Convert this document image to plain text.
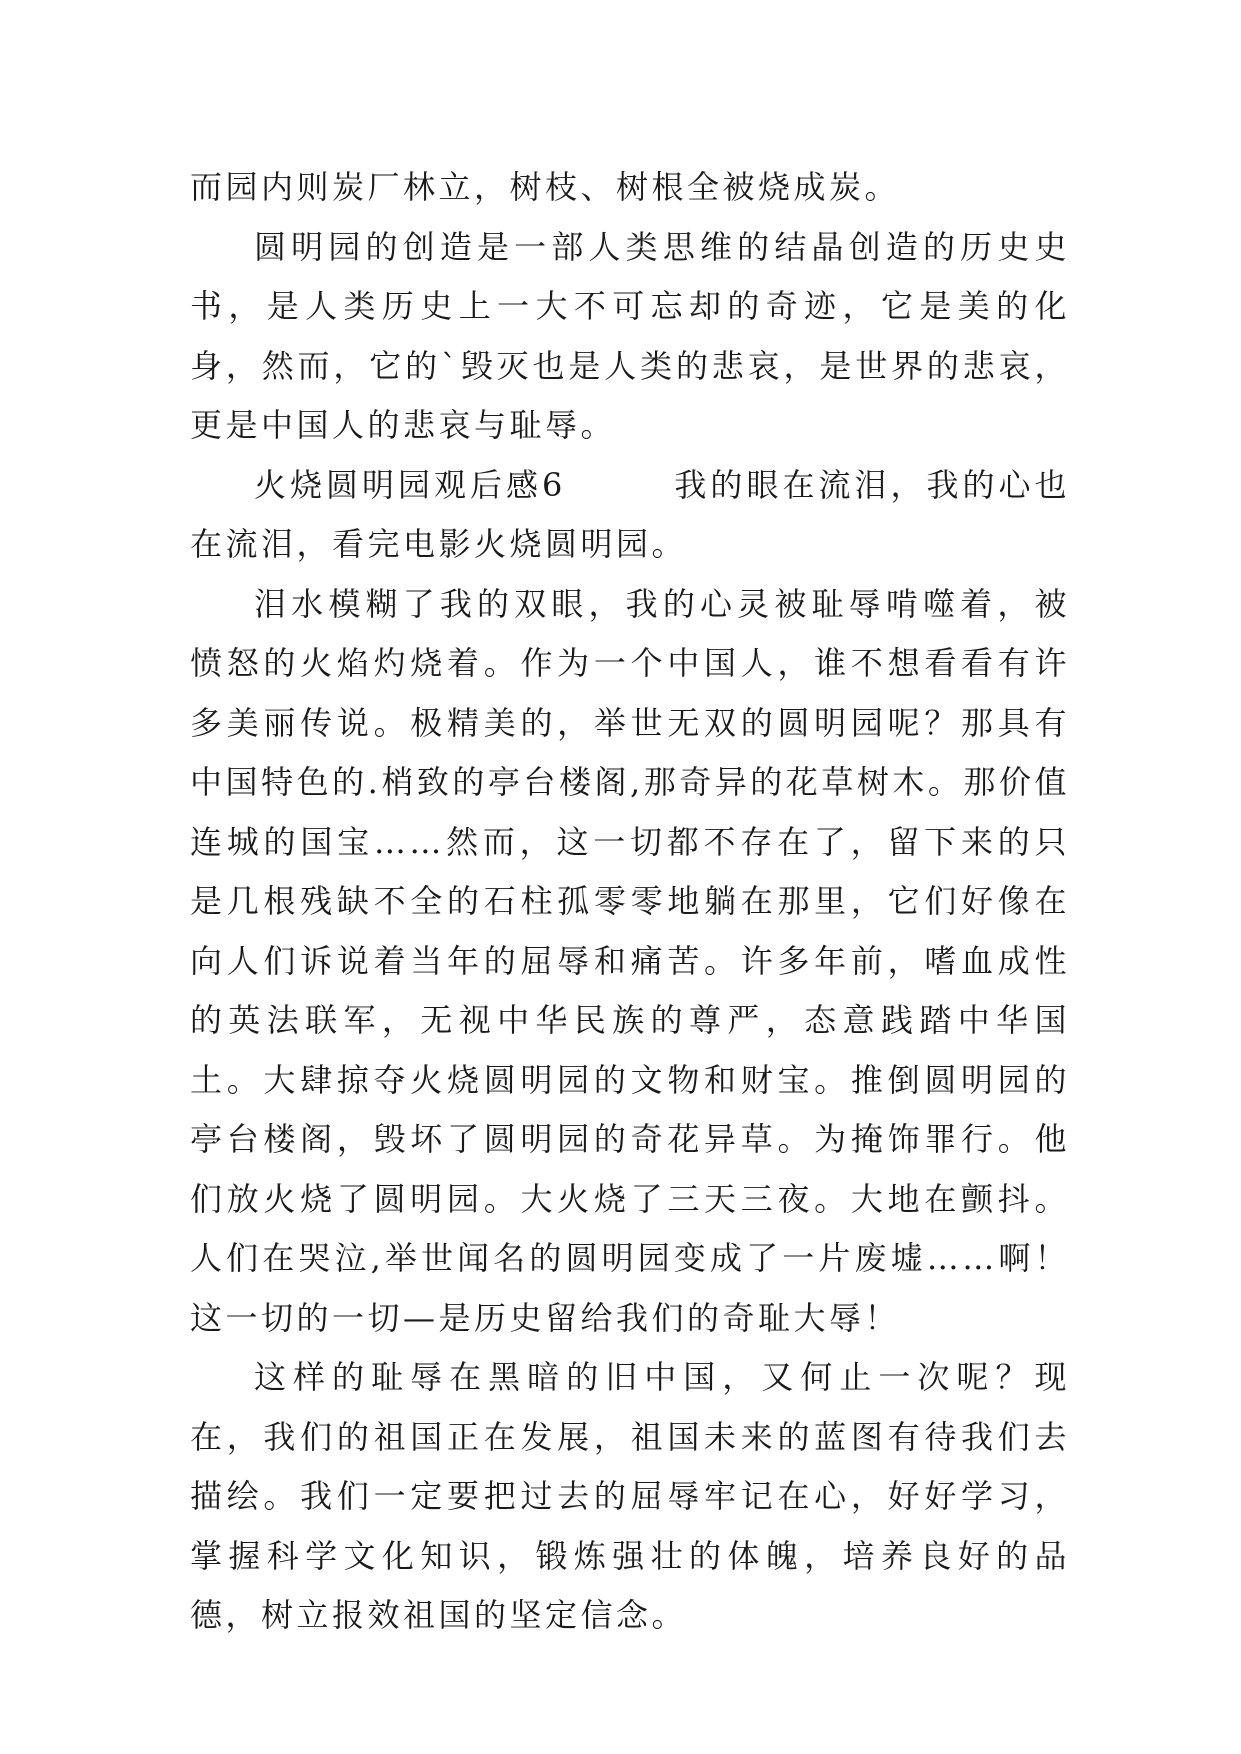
而园内则炭厂林立，树枝、树根全被烧成炭。

圆明园的创造是一部人类思维的结晶创造的历史史书，是人类历史上一大不可忘却的奇迹，它是美的化身，然而，它的`毁灭也是人类的悲哀，是世界的悲哀，更是中国人的悲哀与耻辱。

火烧圆明园观后感6　　　我的眼在流泪，我的心也在流泪，看完电影火烧圆明园。

泪水模糊了我的双眼，我的心灵被耻辱啃噬着，被愤怒的火焰灼烧着。作为一个中国人，谁不想看看有许多美丽传说。极精美的，举世无双的圆明园呢？那具有中国特色的.梢致的亭台楼阁,那奇异的花草树木。那价值连城的国宝……然而，这一切都不存在了，留下来的只是几根残缺不全的石柱孤零零地躺在那里，它们好像在向人们诉说着当年的屈辱和痛苦。许多年前，嗜血成性的英法联军，无视中华民族的尊严，态意践踏中华国土。大肆掠夺火烧圆明园的文物和财宝。推倒圆明园的亭台楼阁，毁坏了圆明园的奇花异草。为掩饰罪行。他们放火烧了圆明园。大火烧了三天三夜。大地在颤抖。人们在哭泣,举世闻名的圆明园变成了一片废墟……啊！这一切的一切—是历史留给我们的奇耻大辱！

这样的耻辱在黑暗的旧中国，又何止一次呢？现在，我们的祖国正在发展，祖国未来的蓝图有待我们去描绘。我们一定要把过去的屈辱牢记在心，好好学习，掌握科学文化知识，锻炼强壮的体魄，培养良好的品德，树立报效祖国的坚定信念。
